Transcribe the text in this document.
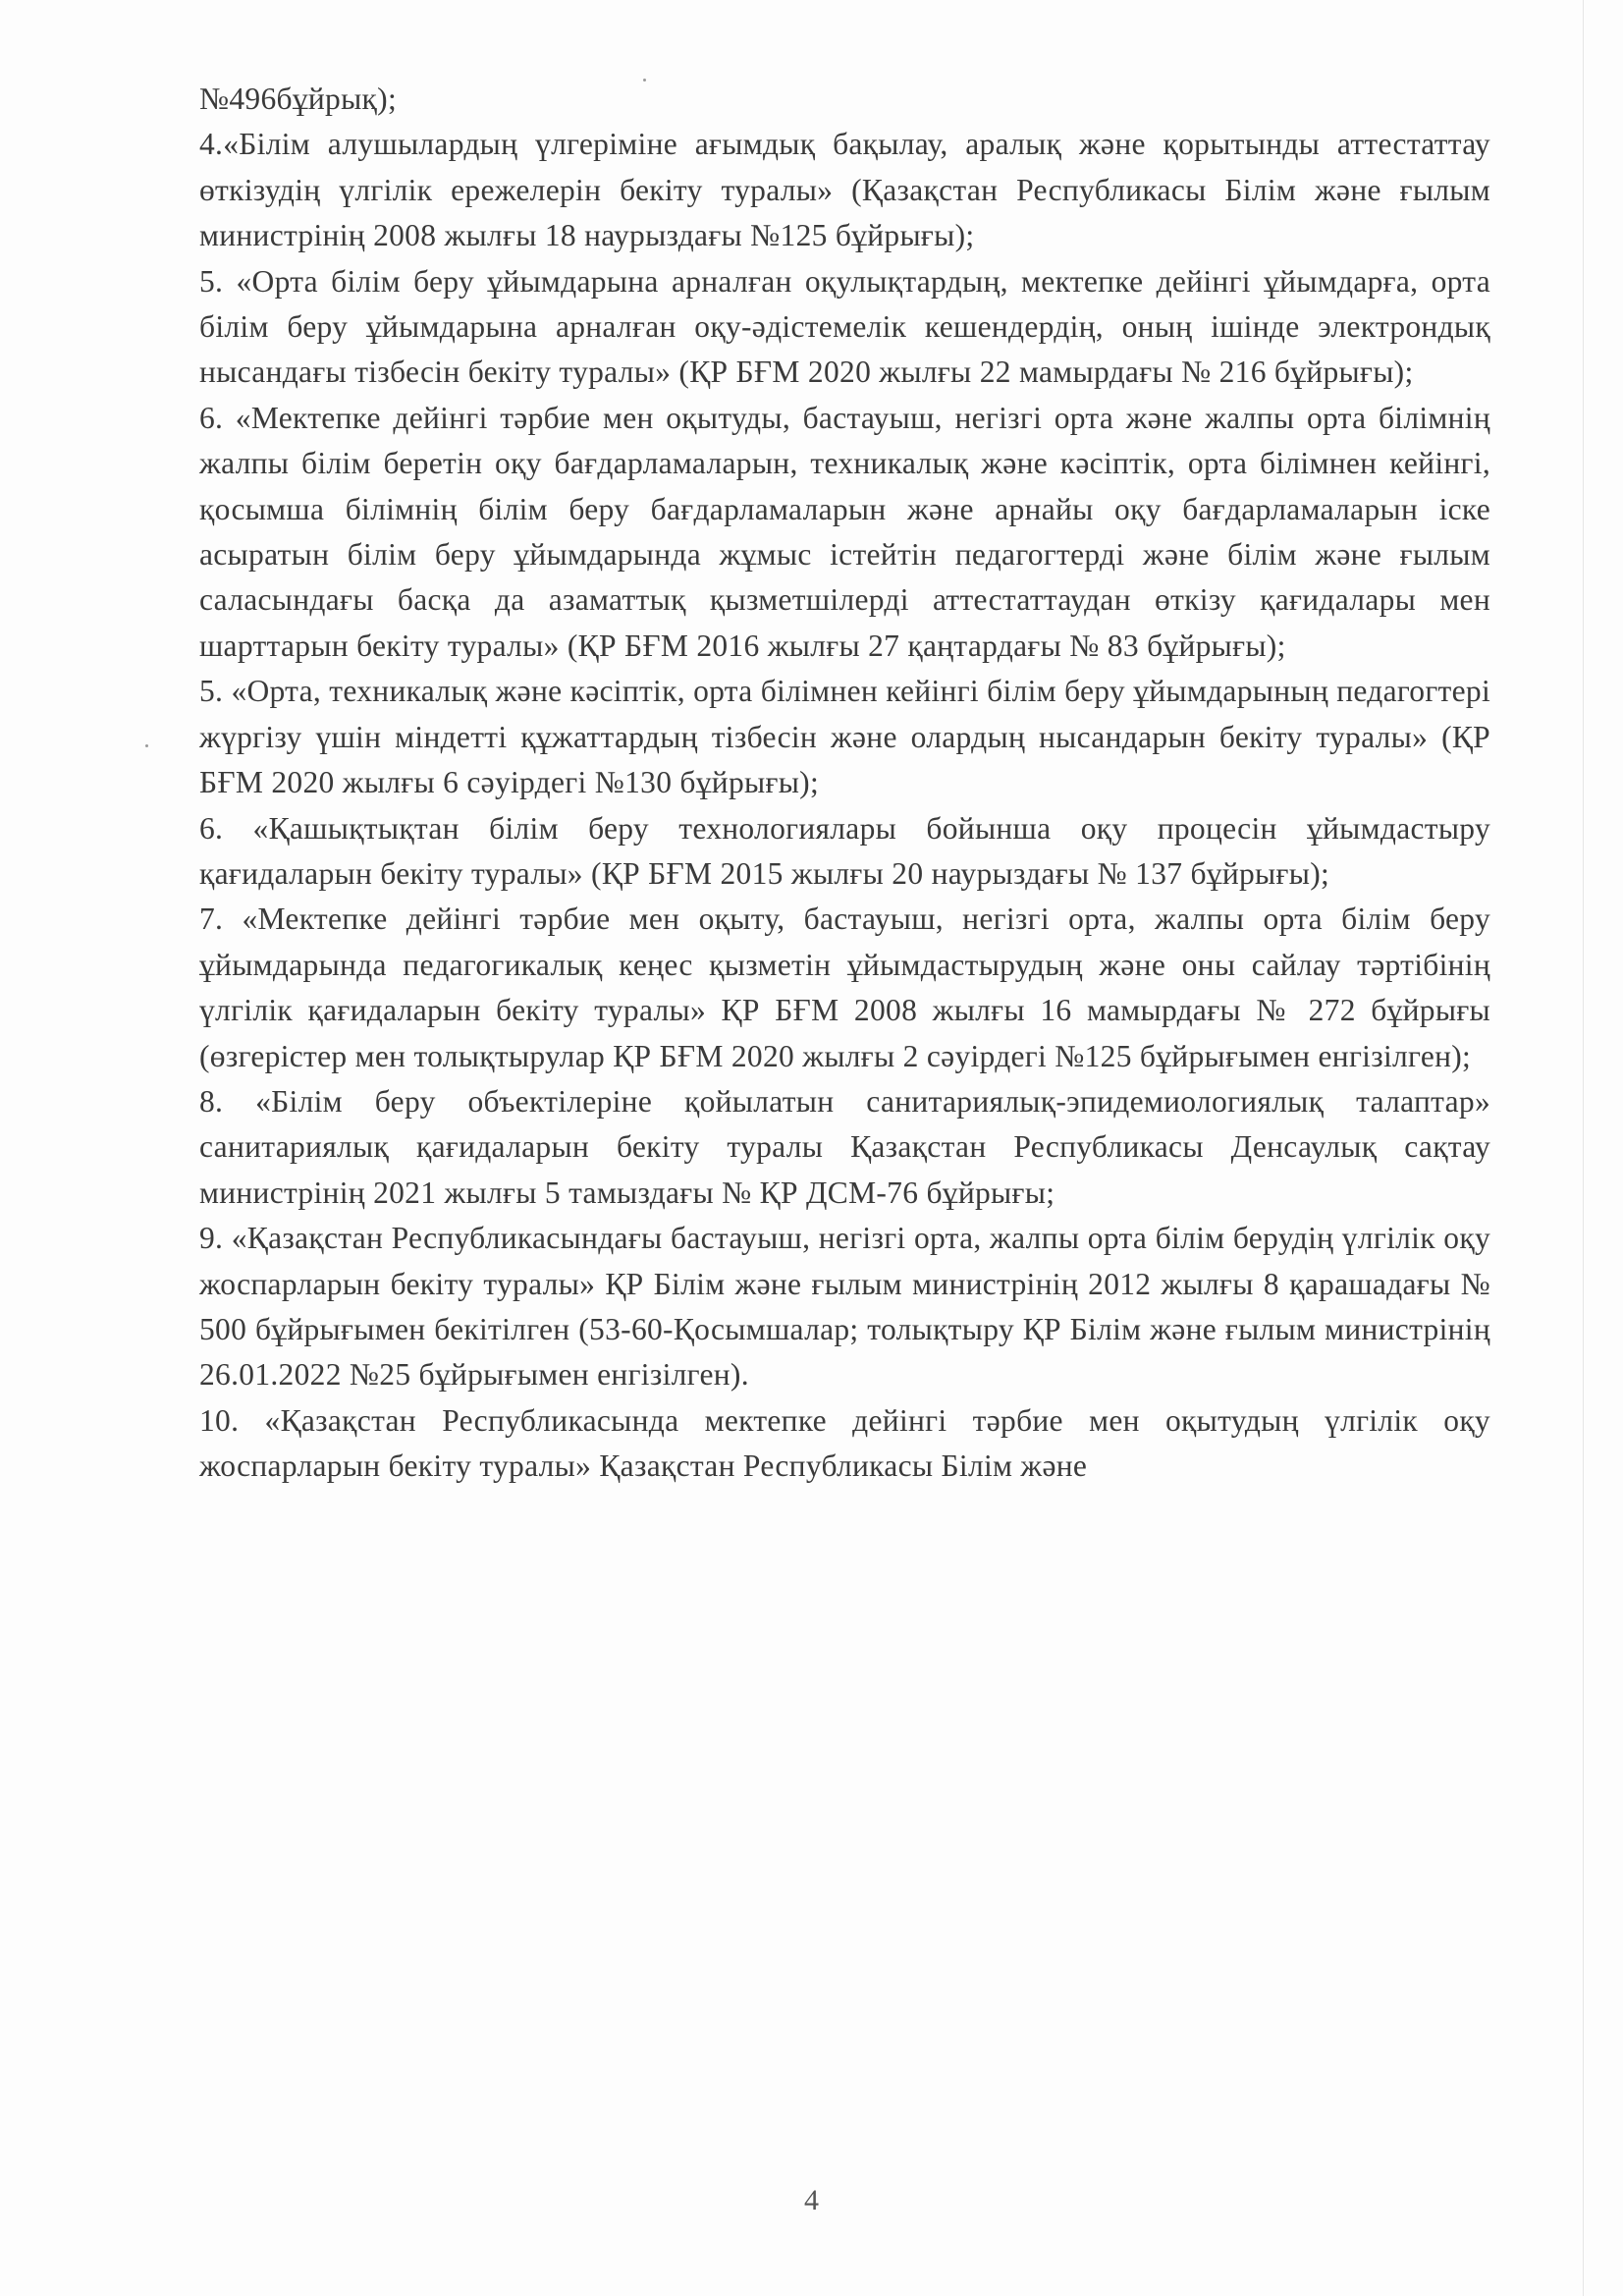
№496бұйрық);

4.«Білім алушылардың үлгеріміне ағымдық бақылау, аралық және қорытынды аттестаттау өткізудің үлгілік ережелерін бекіту туралы» (Қазақстан Республикасы Білім және ғылым министрінің 2008 жылғы 18 наурыздағы №125 бұйрығы);

5. «Орта білім беру ұйымдарына арналған оқулықтардың, мектепке дейінгі ұйымдарға, орта білім беру ұйымдарына арналған оқу-әдістемелік кешендердің, оның ішінде электрондық нысандағы тізбесін бекіту туралы» (ҚР БҒМ 2020 жылғы 22 мамырдағы № 216 бұйрығы);

6. «Мектепке дейінгі тәрбие мен оқытуды, бастауыш, негізгі орта және жалпы орта білімнің жалпы білім беретін оқу бағдарламаларын, техникалық және кәсіптік, орта білімнен кейінгі, қосымша білімнің білім беру бағдарламаларын және арнайы оқу бағдарламаларын іске асыратын білім беру ұйымдарында жұмыс істейтін педагогтерді және білім және ғылым саласындағы басқа да азаматтық қызметшілерді аттестаттаудан өткізу қағидалары мен шарттарын бекіту туралы» (ҚР БҒМ 2016 жылғы 27 қаңтардағы № 83 бұйрығы);

5. «Орта, техникалық және кәсіптік, орта білімнен кейінгі білім беру ұйымдарының педагогтері жүргізу үшін міндетті құжаттардың тізбесін және олардың нысандарын бекіту туралы» (ҚР БҒМ 2020 жылғы 6 сәуірдегі №130 бұйрығы);

6. «Қашықтықтан білім беру технологиялары бойынша оқу процесін ұйымдастыру қағидаларын бекіту туралы» (ҚР БҒМ 2015 жылғы 20 наурыздағы № 137 бұйрығы);

7. «Мектепке дейінгі тәрбие мен оқыту, бастауыш, негізгі орта, жалпы орта білім беру ұйымдарында педагогикалық кеңес қызметін ұйымдастырудың және оны сайлау тәртібінің үлгілік қағидаларын бекіту туралы» ҚР БҒМ 2008 жылғы 16 мамырдағы № 272 бұйрығы (өзгерістер мен толықтырулар ҚР БҒМ 2020 жылғы 2 сәуірдегі №125 бұйрығымен енгізілген);

8. «Білім беру объектілеріне қойылатын санитариялық-эпидемиологиялық талаптар» санитариялық қағидаларын бекіту туралы Қазақстан Республикасы Денсаулық сақтау министрінің 2021 жылғы 5 тамыздағы № ҚР ДСМ-76 бұйрығы;

9. «Қазақстан Республикасындағы бастауыш, негізгі орта, жалпы орта білім берудің үлгілік оқу жоспарларын бекіту туралы» ҚР Білім және ғылым министрінің 2012 жылғы 8 қарашадағы № 500 бұйрығымен бекітілген (53-60-Қосымшалар; толықтыру ҚР Білім және ғылым министрінің 26.01.2022 №25 бұйрығымен енгізілген).

10. «Қазақстан Республикасында мектепке дейінгі тәрбие мен оқытудың үлгілік оқу жоспарларын бекіту туралы» Қазақстан Республикасы Білім және

4
